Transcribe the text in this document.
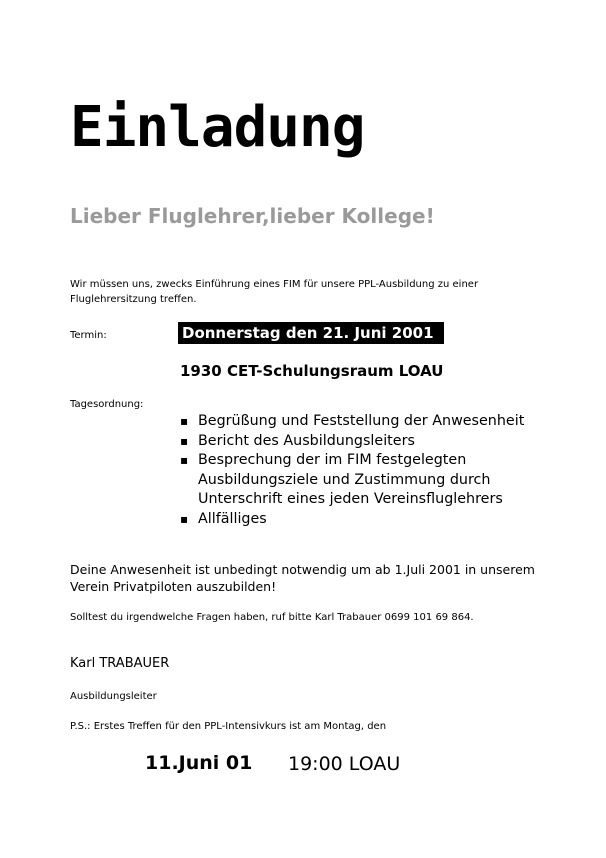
Einladung
Lieber Fluglehrer,lieber Kollege!
Wir müssen uns, zwecks Einführung eines FIM für unsere PPL-Ausbildung zu einer Fluglehrersitzung treffen.
Termin:	Donnerstag den 21. Juni 2001
1930 CET-Schulungsraum LOAU
Tagesordnung:
▪ Begrüßung und Feststellung der Anwesenheit
▪ Bericht des Ausbildungsleiters
▪ Besprechung der im FIM festgelegten Ausbildungsziele und Zustimmung durch Unterschrift eines jeden Vereinsfluglehrers
▪ Allfälliges
Deine Anwesenheit ist unbedingt notwendig um ab 1.Juli 2001 in unserem Verein Privatpiloten auszubilden!
Solltest du irgendwelche Fragen haben, ruf bitte Karl Trabauer 0699 101 69 864.
Karl TRABAUER
Ausbildungsleiter
P.S.: Erstes Treffen für den PPL-Intensivkurs ist am Montag, den
11.Juni 01 19:00 LOAU
